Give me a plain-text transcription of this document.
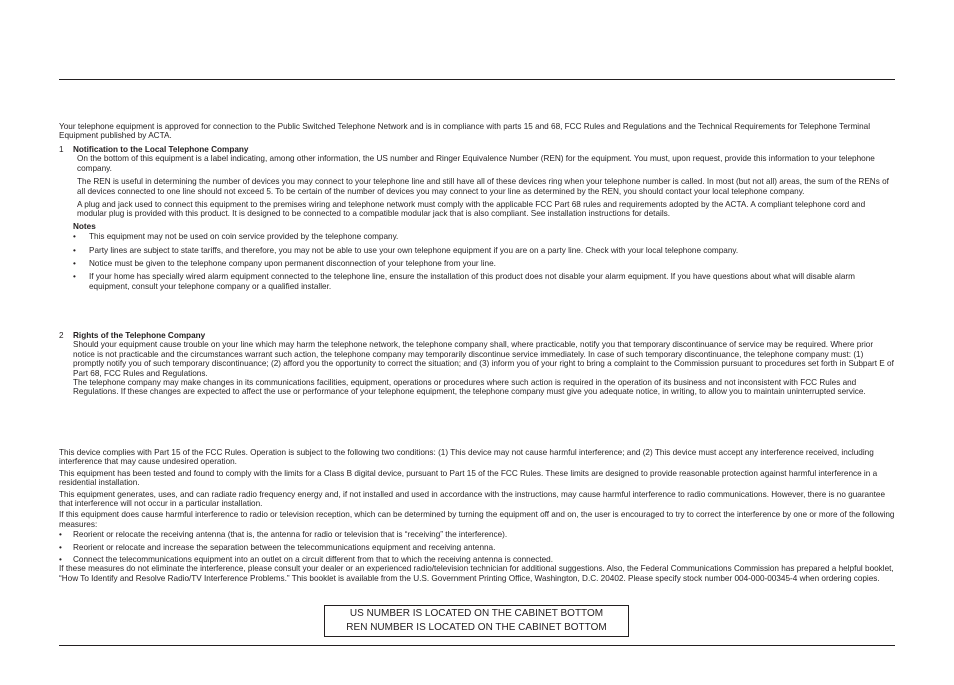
Your telephone equipment is approved for connection to the Public Switched Telephone Network and is in compliance with parts 15 and 68, FCC Rules and Regulations and the Technical Requirements for Telephone Terminal Equipment published by ACTA.

1 Notification to the Local Telephone Company

On the bottom of this equipment is a label indicating, among other information, the US number and Ringer Equivalence Number (REN) for the equipment. You must, upon request, provide this information to your telephone company.

The REN is useful in determining the number of devices you may connect to your telephone line and still have all of these devices ring when your telephone number is called. In most (but not all) areas, the sum of the RENs of all devices connected to one line should not exceed 5. To be certain of the number of devices you may connect to your line as determined by the REN, you should contact your local telephone company.

A plug and jack used to connect this equipment to the premises wiring and telephone network must comply with the applicable FCC Part 68 rules and requirements adopted by the ACTA. A compliant telephone cord and modular plug is provided with this product. It is designed to be connected to a compatible modular jack that is also compliant. See installation instructions for details.

Notes

• This equipment may not be used on coin service provided by the telephone company.
• Party lines are subject to state tariffs, and therefore, you may not be able to use your own telephone equipment if you are on a party line. Check with your local telephone company.
• Notice must be given to the telephone company upon permanent disconnection of your telephone from your line.
• If your home has specially wired alarm equipment connected to the telephone line, ensure the installation of this product does not disable your alarm equipment. If you have questions about what will disable alarm equipment, consult your telephone company or a qualified installer.

2 Rights of the Telephone Company

Should your equipment cause trouble on your line which may harm the telephone network, the telephone company shall, where practicable, notify you that temporary discontinuance of service may be required. Where prior notice is not practicable and the circumstances warrant such action, the telephone company may temporarily discontinue service immediately. In case of such temporary discontinuance, the telephone company must: (1) promptly notify you of such temporary discontinuance; (2) afford you the opportunity to correct the situation; and (3) inform you of your right to bring a complaint to the Commission pursuant to procedures set forth in Subpart E of Part 68, FCC Rules and Regulations.

The telephone company may make changes in its communications facilities, equipment, operations or procedures where such action is required in the operation of its business and not inconsistent with FCC Rules and Regulations. If these changes are expected to affect the use or performance of your telephone equipment, the telephone company must give you adequate notice, in writing, to allow you to maintain uninterrupted service.

This device complies with Part 15 of the FCC Rules. Operation is subject to the following two conditions: (1) This device may not cause harmful interference; and (2) This device must accept any interference received, including interference that may cause undesired operation.

This equipment has been tested and found to comply with the limits for a Class B digital device, pursuant to Part 15 of the FCC Rules. These limits are designed to provide reasonable protection against harmful interference in a residential installation.

This equipment generates, uses, and can radiate radio frequency energy and, if not installed and used in accordance with the instructions, may cause harmful interference to radio communications. However, there is no guarantee that interference will not occur in a particular installation.

If this equipment does cause harmful interference to radio or television reception, which can be determined by turning the equipment off and on, the user is encouraged to try to correct the interference by one or more of the following measures:

• Reorient or relocate the receiving antenna (that is, the antenna for radio or television that is “receiving” the interference).
• Reorient or relocate and increase the separation between the telecommunications equipment and receiving antenna.
• Connect the telecommunications equipment into an outlet on a circuit different from that to which the receiving antenna is connected.

If these measures do not eliminate the interference, please consult your dealer or an experienced radio/television technician for additional suggestions. Also, the Federal Communications Commission has prepared a helpful booklet, “How To Identify and Resolve Radio/TV Interference Problems.” This booklet is available from the U.S. Government Printing Office, Washington, D.C. 20402. Please specify stock number 004-000-00345-4 when ordering copies.

US NUMBER IS LOCATED ON THE CABINET BOTTOM
REN NUMBER IS LOCATED ON THE CABINET BOTTOM
